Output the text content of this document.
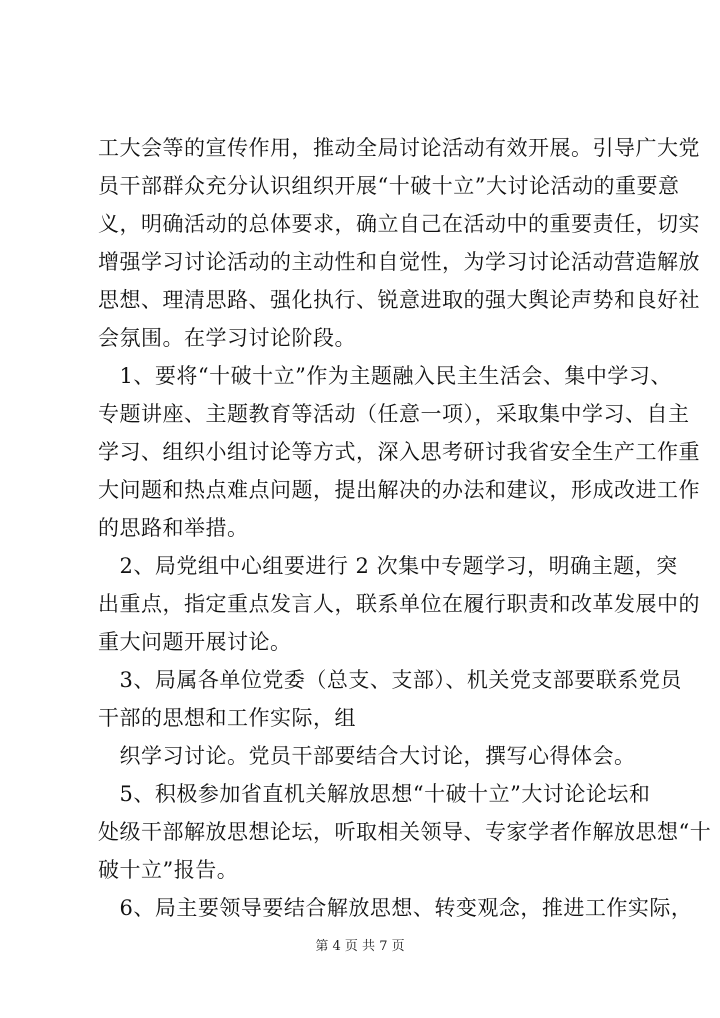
工大会等的宣传作用，推动全局讨论活动有效开展。引导广大党
员干部群众充分认识组织开展“十破十立”大讨论活动的重要意
义，明确活动的总体要求，确立自己在活动中的重要责任，切实
增强学习讨论活动的主动性和自觉性，为学习讨论活动营造解放
思想、理清思路、强化执行、锐意进取的强大舆论声势和良好社
会氛围。在学习讨论阶段。
　1、要将“十破十立”作为主题融入民主生活会、集中学习、
专题讲座、主题教育等活动（任意一项），采取集中学习、自主
学习、组织小组讨论等方式，深入思考研讨我省安全生产工作重
大问题和热点难点问题，提出解决的办法和建议，形成改进工作
的思路和举措。
　2、局党组中心组要进行 2 次集中专题学习，明确主题，突
出重点，指定重点发言人，联系单位在履行职责和改革发展中的
重大问题开展讨论。
　3、局属各单位党委（总支、支部）、机关党支部要联系党员
干部的思想和工作实际，组
　织学习讨论。党员干部要结合大讨论，撰写心得体会。
　5、积极参加省直机关解放思想“十破十立”大讨论论坛和
处级干部解放思想论坛，听取相关领导、专家学者作解放思想“十
破十立”报告。
　6、局主要领导要结合解放思想、转变观念，推进工作实际，
第 4 页 共 7 页
